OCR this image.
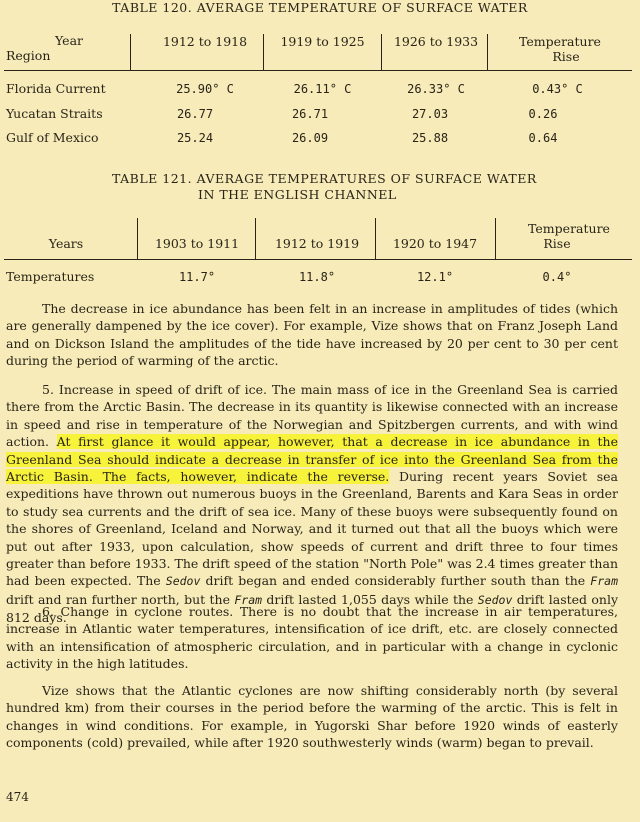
TABLE 120. AVERAGE TEMPERATURE OF SURFACE WATER
Year
Region
1912 to 1918	1919 to 1925	1926 to 1933	Temperature
Rise
Florida Current	25.90° C	26.11° C	26.33° C	0.43° C
Yucatan Straits	26.77	26.71	27.03	0.26
Gulf of Mexico	25.24	26.09	25.88	0.64
TABLE 121. AVERAGE TEMPERATURES OF SURFACE WATER
IN THE ENGLISH CHANNEL
Years	1903 to 1911	1912 to 1919	1920 to 1947
Temperature
Rise
Temperatures	11.7°	11.8°	12.1°	0.4°
The decrease in ice abundance has been felt in an increase in amplitudes of tides (which are generally dampened by the ice cover). For example, Vize shows that on Franz Joseph Land and on Dickson Island the amplitudes of the tide have increased by 20 per cent to 30 per cent during the period of warming of the arctic.
5. Increase in speed of drift of ice. The main mass of ice in the Greenland Sea is carried there from the Arctic Basin. The decrease in its quantity is likewise connected with an increase in speed and rise in temperature of the Norwegian and Spitzbergen currents, and with wind action. At first glance it would appear, however, that a decrease in ice abundance in the Greenland Sea should indicate a decrease in transfer of ice into the Greenland Sea from the Arctic Basin. The facts, however, indicate the reverse. During recent years Soviet sea expeditions have thrown out numerous buoys in the Greenland, Barents and Kara Seas in order to study sea currents and the drift of sea ice. Many of these buoys were subsequently found on the shores of Greenland, Iceland and Norway, and it turned out that all the buoys which were put out after 1933, upon calculation, show speeds of current and drift three to four times greater than before 1933. The drift speed of the station "North Pole" was 2.4 times greater than had been expected. The Sedov drift began and ended considerably further south than the Fram drift and ran further north, but the Fram drift lasted 1,055 days while the Sedov drift lasted only 812 days.
6. Change in cyclone routes. There is no doubt that the increase in air temperatures, increase in Atlantic water temperatures, intensification of ice drift, etc. are closely connected with an intensification of atmospheric circulation, and in particular with a change in cyclonic activity in the high latitudes.
Vize shows that the Atlantic cyclones are now shifting considerably north (by several hundred km) from their courses in the period before the warming of the arctic. This is felt in changes in wind conditions. For example, in Yugorski Shar before 1920 winds of easterly components (cold) prevailed, while after 1920 southwesterly winds (warm) began to prevail.
474
